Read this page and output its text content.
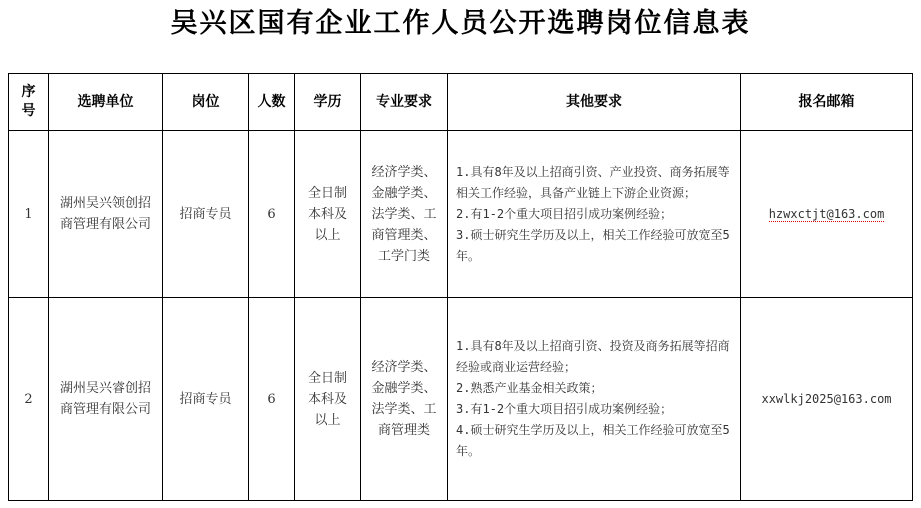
吴兴区国有企业工作人员公开选聘岗位信息表
序号	选聘单位	岗位	人数	学历	专业要求	其他要求	报名邮箱
1	湖州吴兴领创招商管理有限公司	招商专员	6	全日制本科及以上	经济学类、金融学类、法学类、工商管理类、工学门类	1.具有8年及以上招商引资、产业投资、商务拓展等相关工作经验，具备产业链上下游企业资源；
2.有1-2个重大项目招引成功案例经验；
3.硕士研究生学历及以上，相关工作经验可放宽至5年。	hzwxctjt@163.com
2	湖州吴兴睿创招商管理有限公司	招商专员	6	全日制本科及以上	经济学类、金融学类、法学类、工商管理类	1.具有8年及以上招商引资、投资及商务拓展等招商经验或商业运营经验；
2.熟悉产业基金相关政策；
3.有1-2个重大项目招引成功案例经验；
4.硕士研究生学历及以上，相关工作经验可放宽至5年。	xxwlkj2025@163.com
